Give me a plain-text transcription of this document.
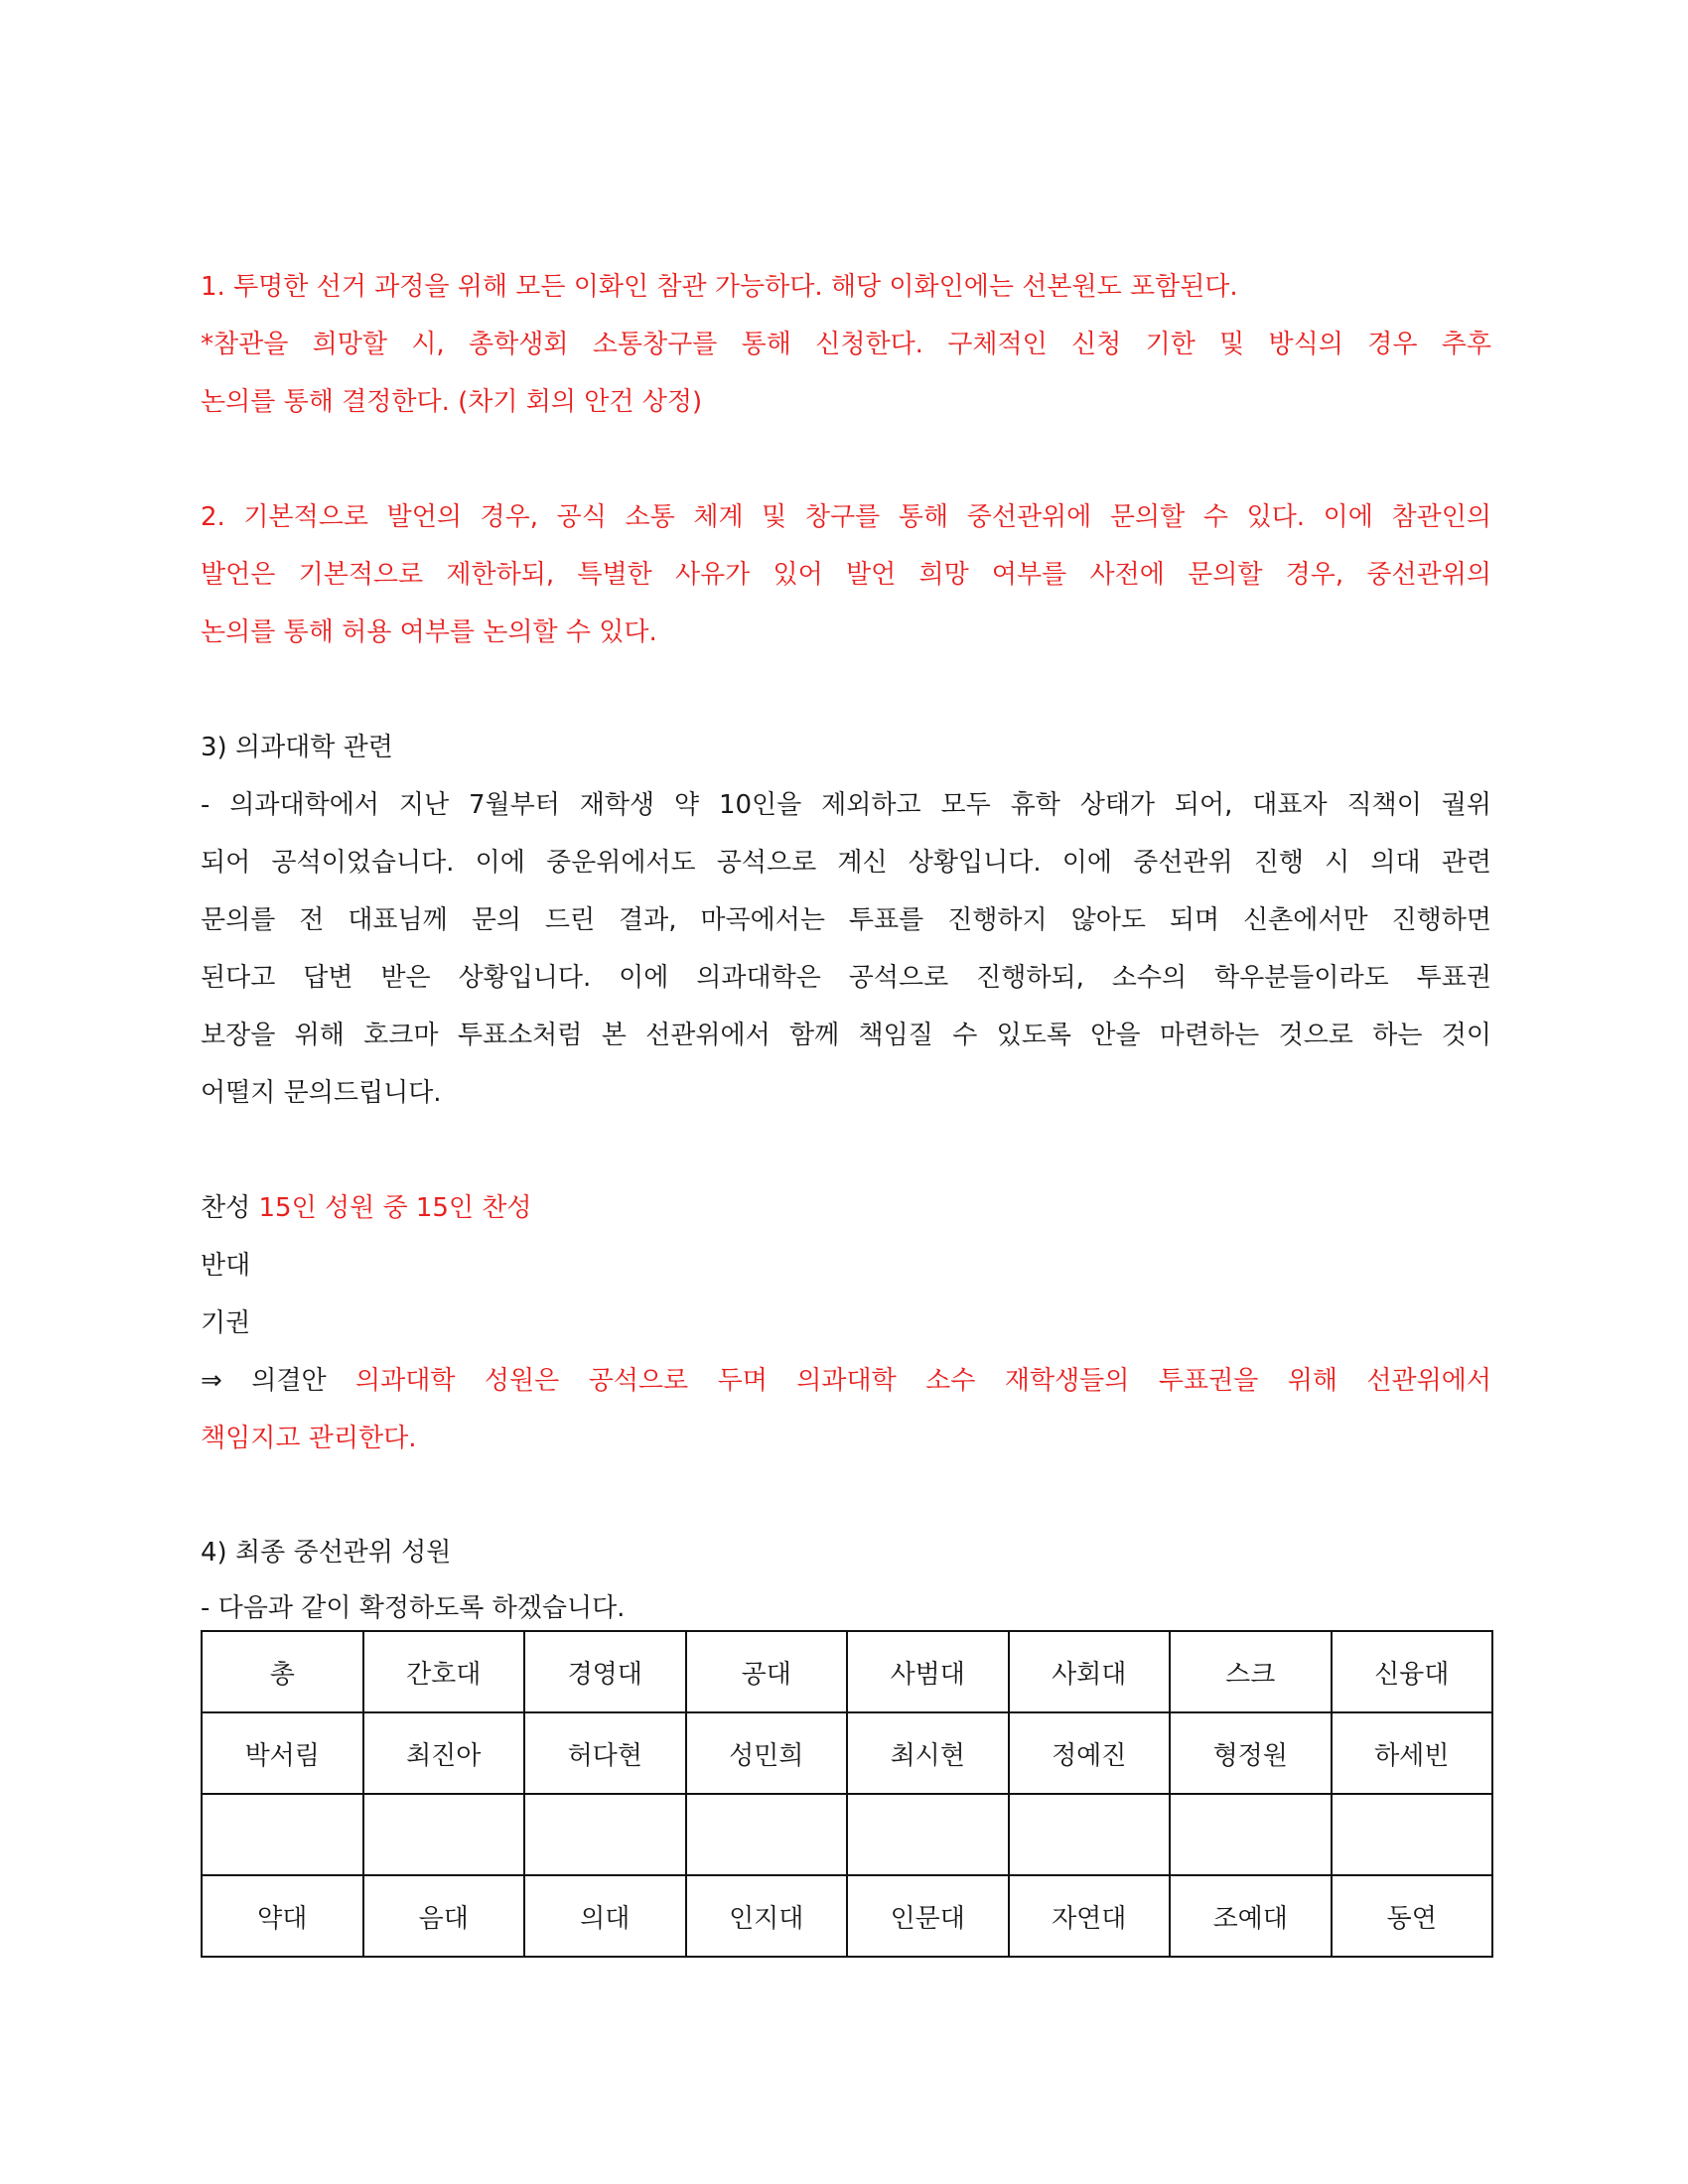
1. 투명한 선거 과정을 위해 모든 이화인 참관 가능하다. 해당 이화인에는 선본원도 포함된다.

*참관을 희망할 시, 총학생회 소통창구를 통해 신청한다. 구체적인 신청 기한 및 방식의 경우 추후

논의를 통해 결정한다. (차기 회의 안건 상정)

2. 기본적으로 발언의 경우, 공식 소통 체계 및 창구를 통해 중선관위에 문의할 수 있다. 이에 참관인의

발언은 기본적으로 제한하되, 특별한 사유가 있어 발언 희망 여부를 사전에 문의할 경우, 중선관위의

논의를 통해 허용 여부를 논의할 수 있다.

3) 의과대학 관련

- 의과대학에서 지난 7월부터 재학생 약 10인을 제외하고 모두 휴학 상태가 되어, 대표자 직책이 궐위

되어 공석이었습니다. 이에 중운위에서도 공석으로 계신 상황입니다. 이에 중선관위 진행 시 의대 관련

문의를 전 대표님께 문의 드린 결과, 마곡에서는 투표를 진행하지 않아도 되며 신촌에서만 진행하면

된다고 답변 받은 상황입니다. 이에 의과대학은 공석으로 진행하되, 소수의 학우분들이라도 투표권

보장을 위해 호크마 투표소처럼 본 선관위에서 함께 책임질 수 있도록 안을 마련하는 것으로 하는 것이

어떨지 문의드립니다.

찬성 15인 성원 중 15인 찬성

반대

기권

⇒ 의결안 의과대학 성원은 공석으로 두며 의과대학 소수 재학생들의 투표권을 위해 선관위에서

책임지고 관리한다.

4) 최종 중선관위 성원

- 다음과 같이 확정하도록 하겠습니다.

총	간호대	경영대	공대	사범대	사회대	스크	신융대
박서림	최진아	허다현	성민희	최시현	정예진	형정원	하세빈

약대	음대	의대	인지대	인문대	자연대	조예대	동연
